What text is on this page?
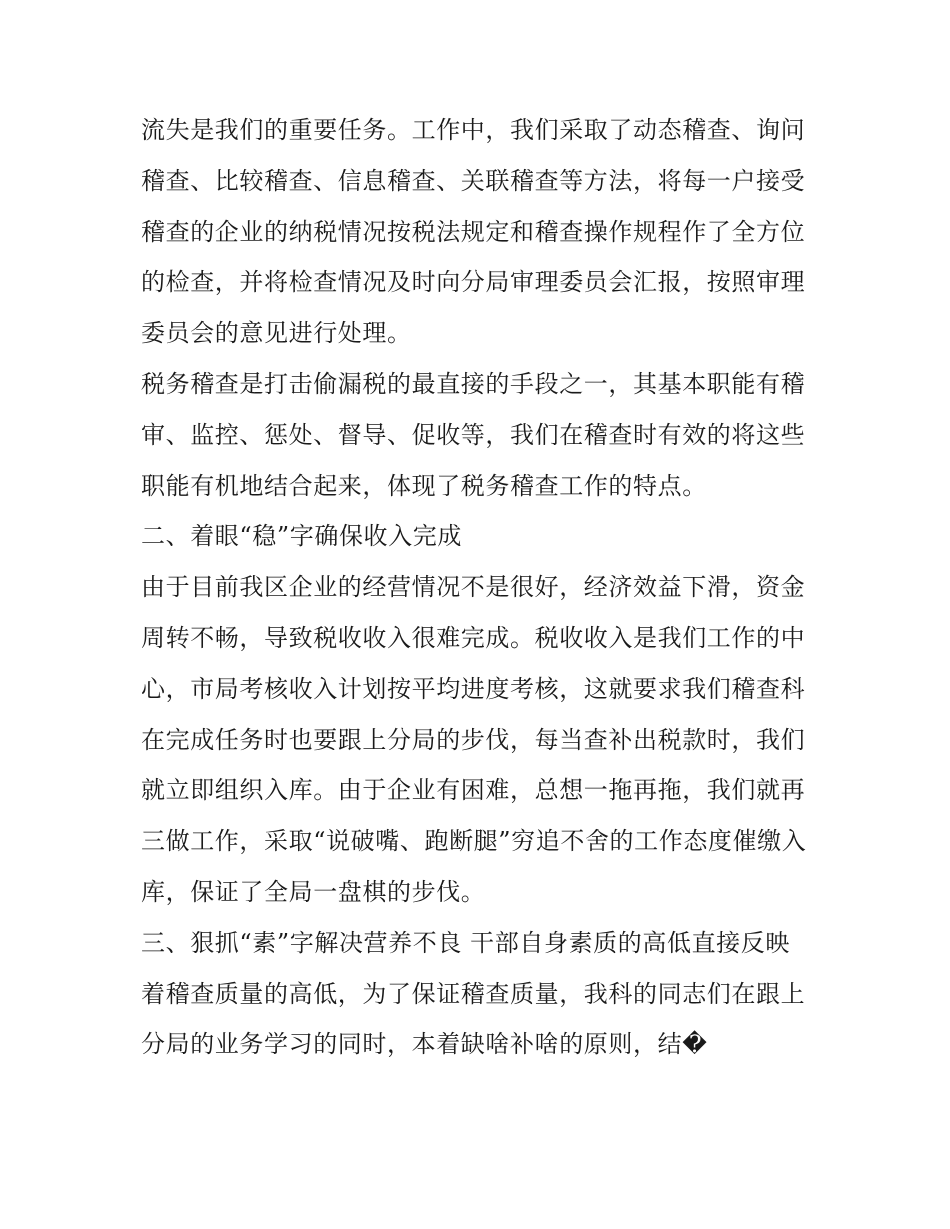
流失是我们的重要任务。工作中，我们采取了动态稽查、询问
稽查、比较稽查、信息稽查、关联稽查等方法，将每一户接受
稽查的企业的纳税情况按税法规定和稽查操作规程作了全方位
的检查，并将检查情况及时向分局审理委员会汇报，按照审理
委员会的意见进行处理。
税务稽查是打击偷漏税的最直接的手段之一，其基本职能有稽
审、监控、惩处、督导、促收等，我们在稽查时有效的将这些
职能有机地结合起来，体现了税务稽查工作的特点。
二、着眼“稳”字确保收入完成
由于目前我区企业的经营情况不是很好，经济效益下滑，资金
周转不畅，导致税收收入很难完成。税收收入是我们工作的中
心，市局考核收入计划按平均进度考核，这就要求我们稽查科
在完成任务时也要跟上分局的步伐，每当查补出税款时，我们
就立即组织入库。由于企业有困难，总想一拖再拖，我们就再
三做工作，采取“说破嘴、跑断腿”穷追不舍的工作态度催缴入
库，保证了全局一盘棋的步伐。
三、狠抓“素”字解决营养不良 干部自身素质的高低直接反映
着稽查质量的高低，为了保证稽查质量，我科的同志们在跟上
分局的业务学习的同时，本着缺啥补啥的原则，结�
